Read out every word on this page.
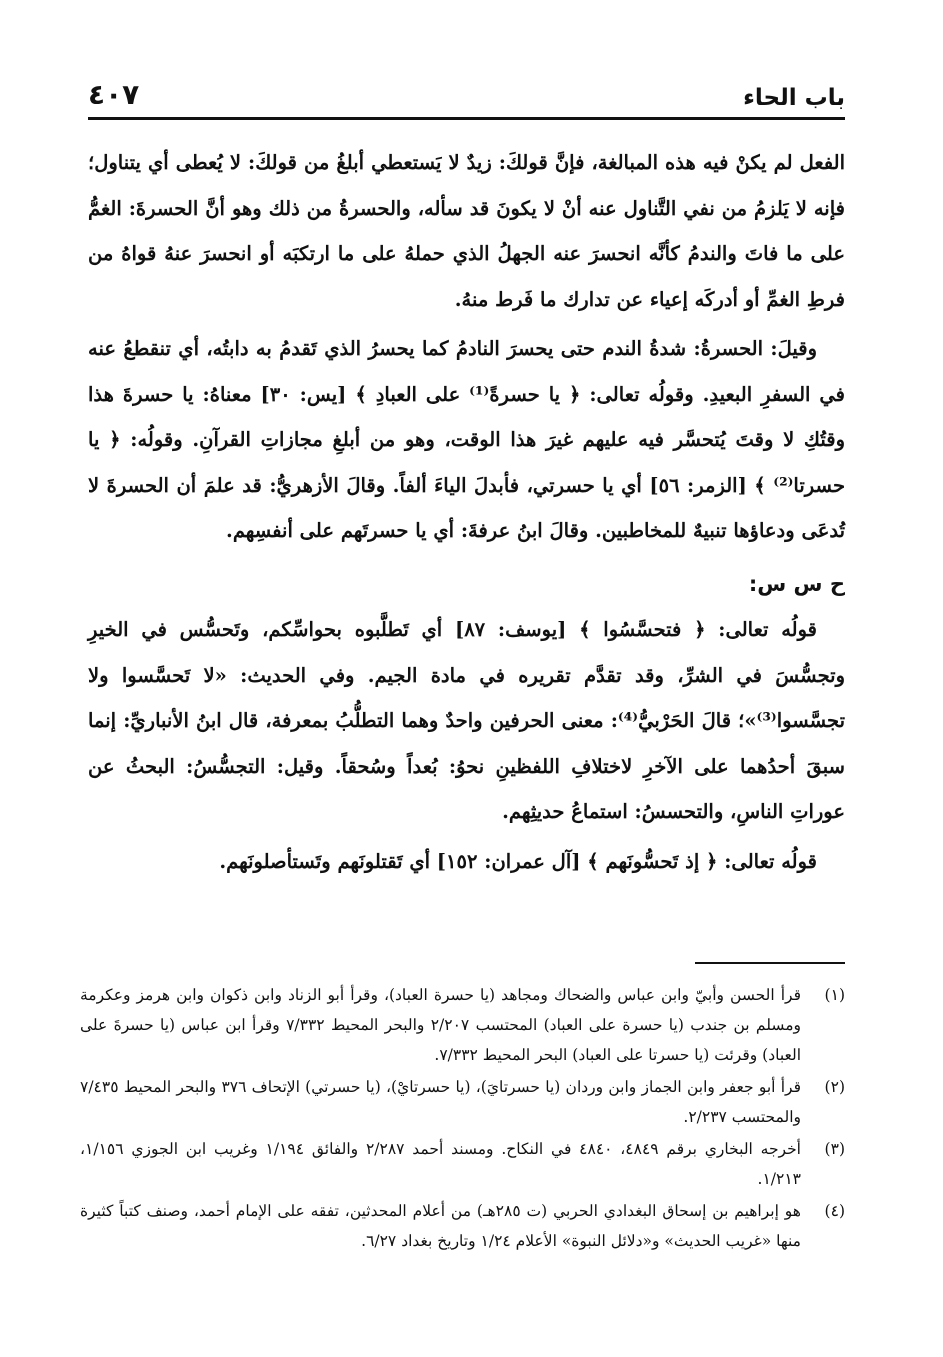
باب الحاء
٤٠٧

الفعل لم يكنْ فيه هذه المبالغة، فإنَّ قولكَ: زيدٌ لا يَستعطي أبلغُ من قولكَ: لا يُعطى أي يتناول؛ فإنه لا يَلزمُ من نفي التَّناول عنه أنْ لا يكونَ قد سأله، والحسرةُ من ذلك وهو أنَّ الحسرةَ: الغمُّ على ما فاتَ والندمُ كأنَّه انحسرَ عنه الجهلُ الذي حملهُ على ما ارتكبَه أو انحسرَ عنهُ قواهُ من فرطِ الغمِّ أو أدركَه إعياء عن تدارك ما فَرط منهُ.

وقيلَ: الحسرةُ: شدةُ الندم حتى يحسرَ النادمُ كما يحسرُ الذي تَقدمُ به دابتُه، أي تنقطعُ عنه في السفرِ البعيدِ. وقولُه تعالى: ﴿ يا حسرةً⁽¹⁾ على العبادِ ﴾ [يس: ٣٠] معناهُ: يا حسرةَ هذا وقتُكِ لا وقتَ يُتحسَّر فيه عليهم غيرَ هذا الوقت، وهو من أبلغِ مجازاتِ القرآنِ. وقولُه: ﴿ يا حسرتا⁽²⁾ ﴾ [الزمر: ٥٦] أي يا حسرتي، فأبدلَ الياءَ ألفاً. وقالَ الأزهريُّ: قد علمَ أن الحسرةَ لا تُدعَى ودعاؤها تنبيهٌ للمخاطبين. وقالَ ابنُ عرفةَ: أي يا حسرتَهم على أنفسِهم.

ح س س:

قولُه تعالى: ﴿ فتحسَّسُوا ﴾ [يوسف: ٨٧] أي تَطلَّبوه بحواسِّكم، وتَحسُّس في الخيرِ وتجسُّسَ في الشرِّ، وقد تقدَّم تقريره في مادة الجيم. وفي الحديث: «لا تَحسَّسوا ولا تجسَّسوا⁽³⁾»؛ قالَ الحَرْبيُّ⁽⁴⁾: معنى الحرفين واحدٌ وهما التطلُّبُ بمعرفة، قال ابنُ الأنباريِّ: إنما سبقَ أحدُهما على الآخرِ لاختلافِ اللفظينِ نحوُ: بُعداً وسُحقاً. وقيل: التجسُّسُ: البحثُ عن عوراتِ الناسِ، والتحسسُ: استماعُ حديثِهم.

قولُه تعالى: ﴿ إذ تَحسُّونَهم ﴾ [آل عمران: ١٥٢] أي تَقتلونَهم وتَستأصلونَهم.

(١)
قرأ الحسن وأبيّ وابن عباس والضحاك ومجاهد (يا حسرة العباد)، وقرأ أبو الزناد وابن ذكوان وابن هرمز وعكرمة ومسلم بن جندب (يا حسرة على العباد) المحتسب ٢/٢٠٧ والبحر المحيط ٧/٣٣٢ وقرأ ابن عباس (يا حسرةَ على العباد) وقرئت (يا حسرتا على العباد) البحر المحيط ٧/٣٣٢.
(٢)
قرأ أبو جعفر وابن الجماز وابن وردان (يا حسرتايَ)، (يا حسرتايْ)، (يا حسرتي) الإتحاف ٣٧٦ والبحر المحيط ٧/٤٣٥ والمحتسب ٢/٢٣٧.
(٣)
أخرجه البخاري برقم ٤٨٤٩، ٤٨٤٠ في النكاح. ومسند أحمد ٢/٢٨٧ والفائق ١/١٩٤ وغريب ابن الجوزي ١/١٥٦، ١/٢١٣.
(٤)
هو إبراهيم بن إسحاق البغدادي الحربي (ت ٢٨٥هـ) من أعلام المحدثين، تفقه على الإمام أحمد، وصنف كتباً كثيرة منها «غريب الحديث» و«دلائل النبوة» الأعلام ١/٢٤ وتاريخ بغداد ٦/٢٧.
